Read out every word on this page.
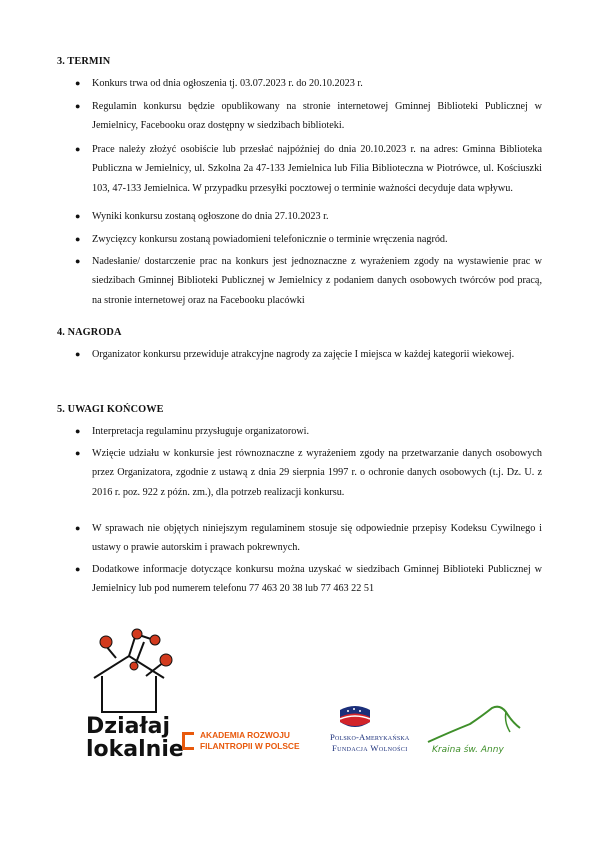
3. TERMIN
● Konkurs trwa od dnia ogłoszenia tj. 03.07.2023 r. do 20.10.2023 r.
● Regulamin konkursu będzie opublikowany na stronie internetowej Gminnej Biblioteki Publicznej w Jemielnicy, Facebooku oraz dostępny w siedzibach biblioteki.
● Prace należy złożyć osobiście lub przesłać najpóźniej do dnia 20.10.2023 r. na adres: Gminna Biblioteka Publiczna w Jemielnicy, ul. Szkolna 2a 47-133 Jemielnica lub Filia Biblioteczna w Piotrówce, ul. Kościuszki 103, 47-133 Jemielnica. W przypadku przesyłki pocztowej o terminie ważności decyduje data wpływu.
● Wyniki konkursu zostaną ogłoszone do dnia 27.10.2023 r.
● Zwycięzcy konkursu zostaną powiadomieni telefonicznie o terminie wręczenia nagród.
● Nadesłanie/ dostarczenie prac na konkurs jest jednoznaczne z wyrażeniem zgody na wystawienie prac w siedzibach Gminnej Biblioteki Publicznej w Jemielnicy z podaniem danych osobowych twórców pod pracą, na stronie internetowej oraz na Facebooku placówki
4. NAGRODA
● Organizator konkursu przewiduje atrakcyjne nagrody za zajęcie I miejsca w każdej kategorii wiekowej.
5. UWAGI KOŃCOWE
● Interpretacja regulaminu przysługuje organizatorowi.
● Wzięcie udziału w konkursie jest równoznaczne z wyrażeniem zgody na przetwarzanie danych osobowych przez Organizatora, zgodnie z ustawą z dnia 29 sierpnia 1997 r. o ochronie danych osobowych (t.j. Dz. U. z 2016 r. poz. 922 z późn. zm.), dla potrzeb realizacji konkursu.
● W sprawach nie objętych niniejszym regulaminem stosuje się odpowiednie przepisy Kodeksu Cywilnego i ustawy o prawie autorskim i prawach pokrewnych.
● Dodatkowe informacje dotyczące konkursu można uzyskać w siedzibach Gminnej Biblioteki Publicznej w Jemielnicy lub pod numerem telefonu 77 463 20 38 lub 77 463 22 51
Działaj
lokalnie
AKADEMIA ROZWOJU
FILANTROPII W POLSCE
Polsko-Amerykańska
Fundacja Wolności	Kraina św. Anny
